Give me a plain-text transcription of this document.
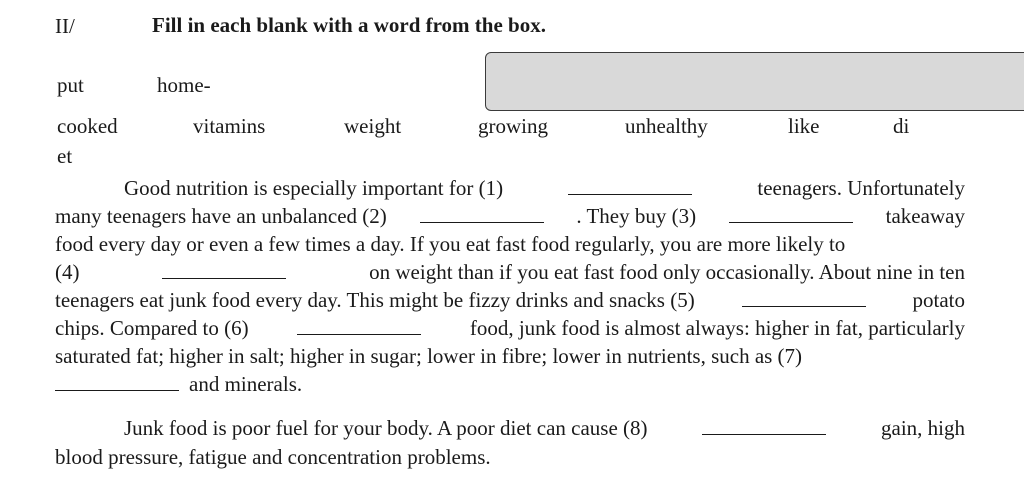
II/	Fill in each blank with a word from the box.
put	home-
cooked	vitamins	weight	growing	unhealthy	like	di
et
Good nutrition is especially important for (1)	teenagers. Unfortunately
many teenagers have an unbalanced (2)	. They buy (3)	takeaway
food every day or even a few times a day. If you eat fast food regularly, you are more likely to
(4)	on weight than if you eat fast food only occasionally. About nine in ten
teenagers eat junk food every day. This might be fizzy drinks and snacks (5)	potato
chips. Compared to (6)	food, junk food is almost always: higher in fat, particularly
saturated fat; higher in salt; higher in sugar; lower in fibre; lower in nutrients, such as (7)
and minerals.
Junk food is poor fuel for your body. A poor diet can cause (8)	gain, high
blood pressure, fatigue and concentration problems.
